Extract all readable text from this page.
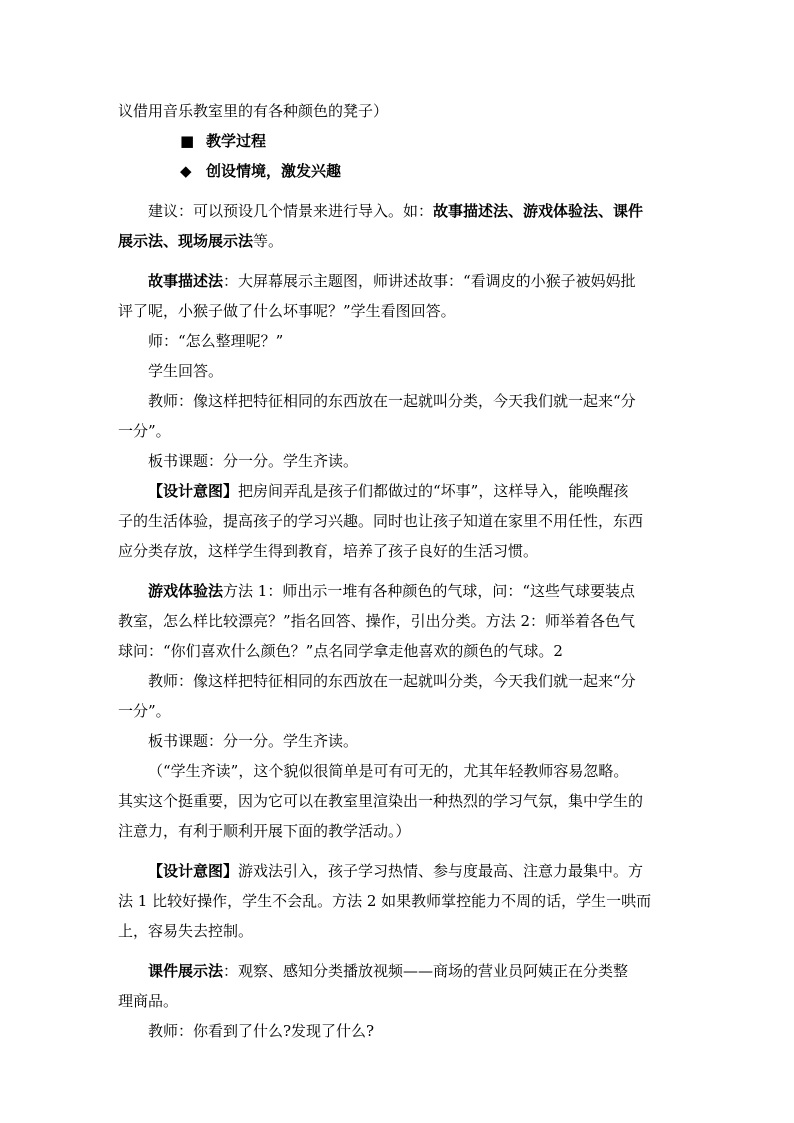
议借用音乐教室里的有各种颜色的凳子）

■ 教学过程

◆ 创设情境，激发兴趣

建议：可以预设几个情景来进行导入。如：故事描述法、游戏体验法、课件

展示法、现场展示法等。

故事描述法：大屏幕展示主题图，师讲述故事：“看调皮的小猴子被妈妈批

评了呢，小猴子做了什么坏事呢？”学生看图回答。

师：“怎么整理呢？”

学生回答。

教师：像这样把特征相同的东西放在一起就叫分类，今天我们就一起来“分

一分”。

板书课题：分一分。学生齐读。

【设计意图】把房间弄乱是孩子们都做过的“坏事”，这样导入，能唤醒孩

子的生活体验，提高孩子的学习兴趣。同时也让孩子知道在家里不用任性，东西

应分类存放，这样学生得到教育，培养了孩子良好的生活习惯。

游戏体验法方法 1：师出示一堆有各种颜色的气球，问：“这些气球要装点

教室，怎么样比较漂亮？”指名回答、操作，引出分类。方法 2：师举着各色气

球问：“你们喜欢什么颜色？”点名同学拿走他喜欢的颜色的气球。2

教师：像这样把特征相同的东西放在一起就叫分类，今天我们就一起来“分

一分”。

板书课题：分一分。学生齐读。

（“学生齐读”，这个貌似很简单是可有可无的，尤其年轻教师容易忽略。

其实这个挺重要，因为它可以在教室里渲染出一种热烈的学习气氛，集中学生的

注意力，有利于顺利开展下面的教学活动。）

【设计意图】游戏法引入，孩子学习热情、参与度最高、注意力最集中。方

法 1 比较好操作，学生不会乱。方法 2 如果教师掌控能力不周的话，学生一哄而

上，容易失去控制。

课件展示法：观察、感知分类播放视频——商场的营业员阿姨正在分类整

理商品。

教师：你看到了什么?发现了什么?
